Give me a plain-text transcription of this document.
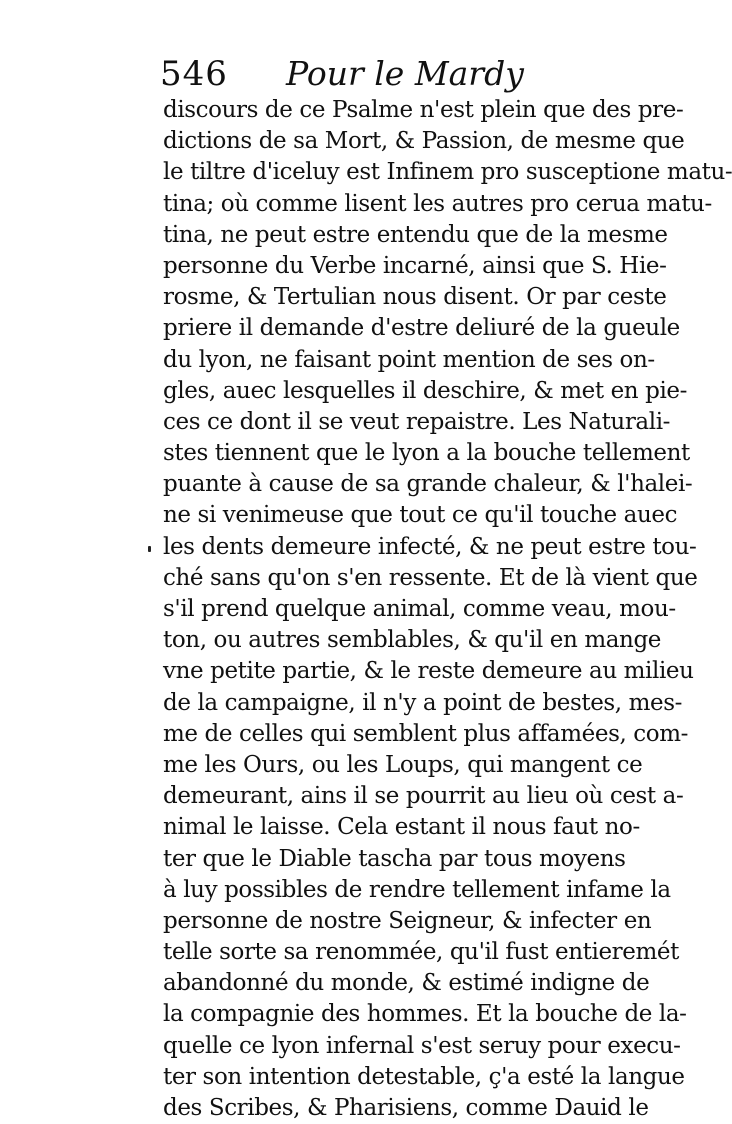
546 Pour le Mardy
discours de ce Psalme n'est plein que des pre-
dictions de sa Mort, & Passion, de mesme que
le tiltre d'iceluy est Infinem pro susceptione matu-
tina; où comme lisent les autres pro ceruа matu-
tina, ne peut estre entendu que de la mesme
personne du Verbe incarné, ainsi que S. Hie-
rosme, & Tertulian nous disent. Or par ceste
priere il demande d'estre deliuré de la gueule
du lyon, ne faisant point mention de ses on-
gles, auec lesquelles il deschire, & met en pie-
ces ce dont il se veut repaistre. Les Naturali-
stes tiennent que le lyon a la bouche tellement
puante à cause de sa grande chaleur, & l'halei-
ne si venimeuse que tout ce qu'il touche auec
les dents demeure infecté, & ne peut estre tou-
ché sans qu'on s'en ressente. Et de là vient que
s'il prend quelque animal, comme veau, mou-
ton, ou autres semblables, & qu'il en mange
vne petite partie, & le reste demeure au milieu
de la campaigne, il n'y a point de bestes, mes-
me de celles qui semblent plus affamées, com-
me les Ours, ou les Loups, qui mangent ce
demeurant, ains il se pourrit au lieu où cest a-
nimal le laisse. Cela estant il nous faut no-
ter que le Diable tascha par tous moyens
à luy possibles de rendre tellement infame la
personne de nostre Seigneur, & infecter en
telle sorte sa renommée, qu'il fust entieremét
abandonné du monde, & estimé indigne de
la compagnie des hommes. Et la bouche de la-
quelle ce lyon infernal s'est seruy pour execu-
ter son intention detestable, ç'a esté la langue
des Scribes, & Pharisiens, comme Dauid le
